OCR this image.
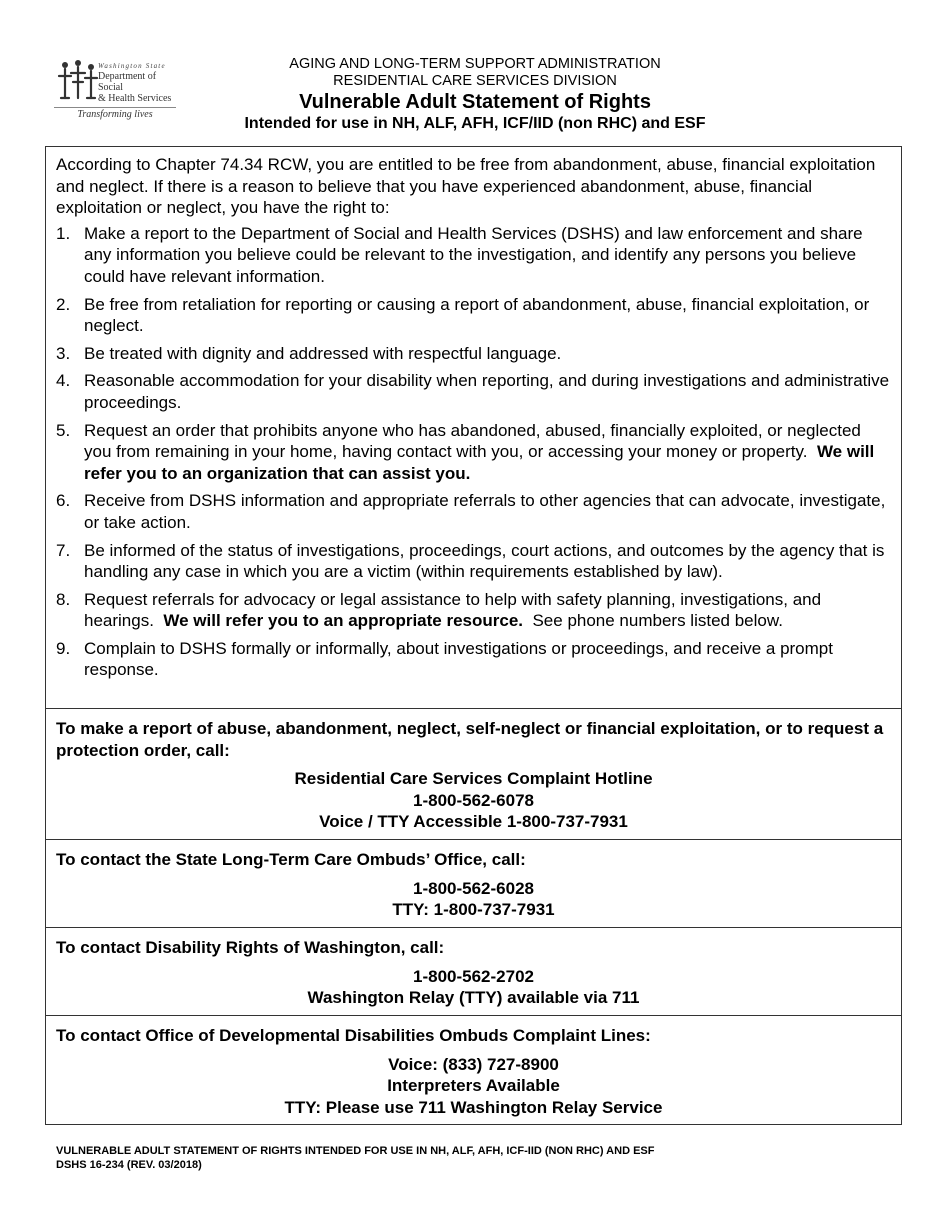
Washington State
Department of Social
& Health Services
Transforming lives
AGING AND LONG-TERM SUPPORT ADMINISTRATION
RESIDENTIAL CARE SERVICES DIVISION
Vulnerable Adult Statement of Rights
Intended for use in NH, ALF, AFH, ICF/IID (non RHC) and ESF

According to Chapter 74.34 RCW, you are entitled to be free from abandonment, abuse, financial exploitation and neglect. If there is a reason to believe that you have experienced abandonment, abuse, financial exploitation or neglect, you have the right to:

1. Make a report to the Department of Social and Health Services (DSHS) and law enforcement and share any information you believe could be relevant to the investigation, and identify any persons you believe could have relevant information.
2. Be free from retaliation for reporting or causing a report of abandonment, abuse, financial exploitation, or neglect.
3. Be treated with dignity and addressed with respectful language.
4. Reasonable accommodation for your disability when reporting, and during investigations and administrative proceedings.
5. Request an order that prohibits anyone who has abandoned, abused, financially exploited, or neglected you from remaining in your home, having contact with you, or accessing your money or property. We will refer you to an organization that can assist you.
6. Receive from DSHS information and appropriate referrals to other agencies that can advocate, investigate, or take action.
7. Be informed of the status of investigations, proceedings, court actions, and outcomes by the agency that is handling any case in which you are a victim (within requirements established by law).
8. Request referrals for advocacy or legal assistance to help with safety planning, investigations, and hearings. We will refer you to an appropriate resource. See phone numbers listed below.
9. Complain to DSHS formally or informally, about investigations or proceedings, and receive a prompt response.

To make a report of abuse, abandonment, neglect, self-neglect or financial exploitation, or to request a protection order, call:

Residential Care Services Complaint Hotline
1-800-562-6078
Voice / TTY Accessible 1-800-737-7931

To contact the State Long-Term Care Ombuds’ Office, call:

1-800-562-6028
TTY: 1-800-737-7931

To contact Disability Rights of Washington, call:

1-800-562-2702
Washington Relay (TTY) available via 711

To contact Office of Developmental Disabilities Ombuds Complaint Lines:

Voice: (833) 727-8900
Interpreters Available
TTY: Please use 711 Washington Relay Service
VULNERABLE ADULT STATEMENT OF RIGHTS INTENDED FOR USE IN NH, ALF, AFH, ICF-IID (NON RHC) AND ESF
DSHS 16-234 (REV. 03/2018)
